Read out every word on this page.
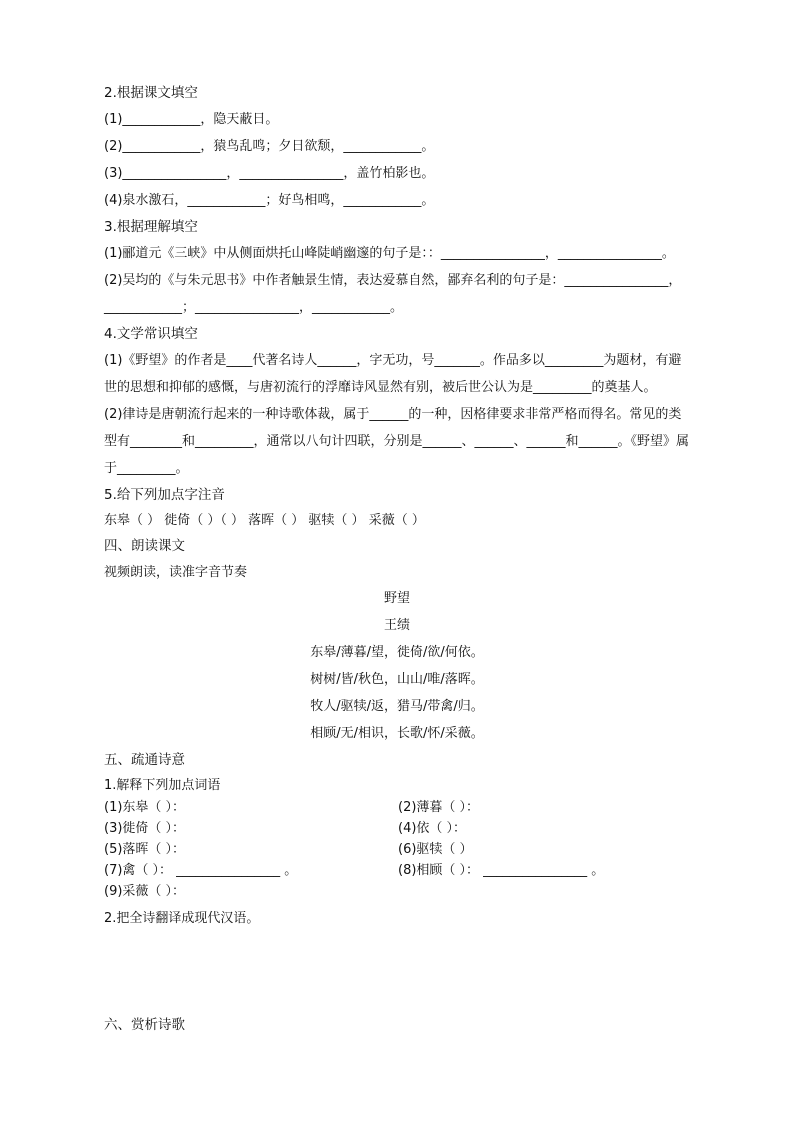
2.根据课文填空
(1)____________，隐天蔽日。
(2)____________，猿鸟乱鸣；夕日欲颓，____________。
(3)________________，________________，盖竹柏影也。
(4)泉水激石，____________；好鸟相鸣，____________。
3.根据理解填空
(1)郦道元《三峡》中从侧面烘托山峰陡峭幽邃的句子是：：________________，________________。
(2)吴均的《与朱元思书》中作者触景生情，表达爱慕自然，鄙弃名利的句子是：________________，
____________；________________，____________。
4.文学常识填空
(1)《野望》的作者是____代著名诗人______，字无功，号_______。作品多以_________为题材，有避
世的思想和抑郁的感慨，与唐初流行的浮靡诗风显然有别，被后世公认为是_________的奠基人。
(2)律诗是唐朝流行起来的一种诗歌体裁，属于______的一种，因格律要求非常严格而得名。常见的类
型有________和_________，通常以八句计四联，分别是______、______、______和______。《野望》属
于_________。
5.给下列加点字注音
东皋（ ） 徙倚（ ）（ ） 落晖（ ） 驱犊（ ） 采薇（ ）
四、朗读课文
视频朗读，读准字音节奏
野望
王绩
东皋/薄暮/望，徙倚/欲/何依。
树树/皆/秋色，山山/唯/落晖。
牧人/驱犊/返，猎马/带禽/归。
相顾/无/相识，长歌/怀/采薇。
五、疏通诗意
1.解释下列加点词语
(1)东皋（ ）：	(2)薄暮（ ）：
(3)徙倚（ ）：	(4)依（ ）：
(5)落晖（ ）：	(6)驱犊（ ）
(7)禽（ ）： ________________ 。	(8)相顾（ ）： ________________ 。
(9)采薇（ ）：
2.把全诗翻译成现代汉语。
六、赏析诗歌
